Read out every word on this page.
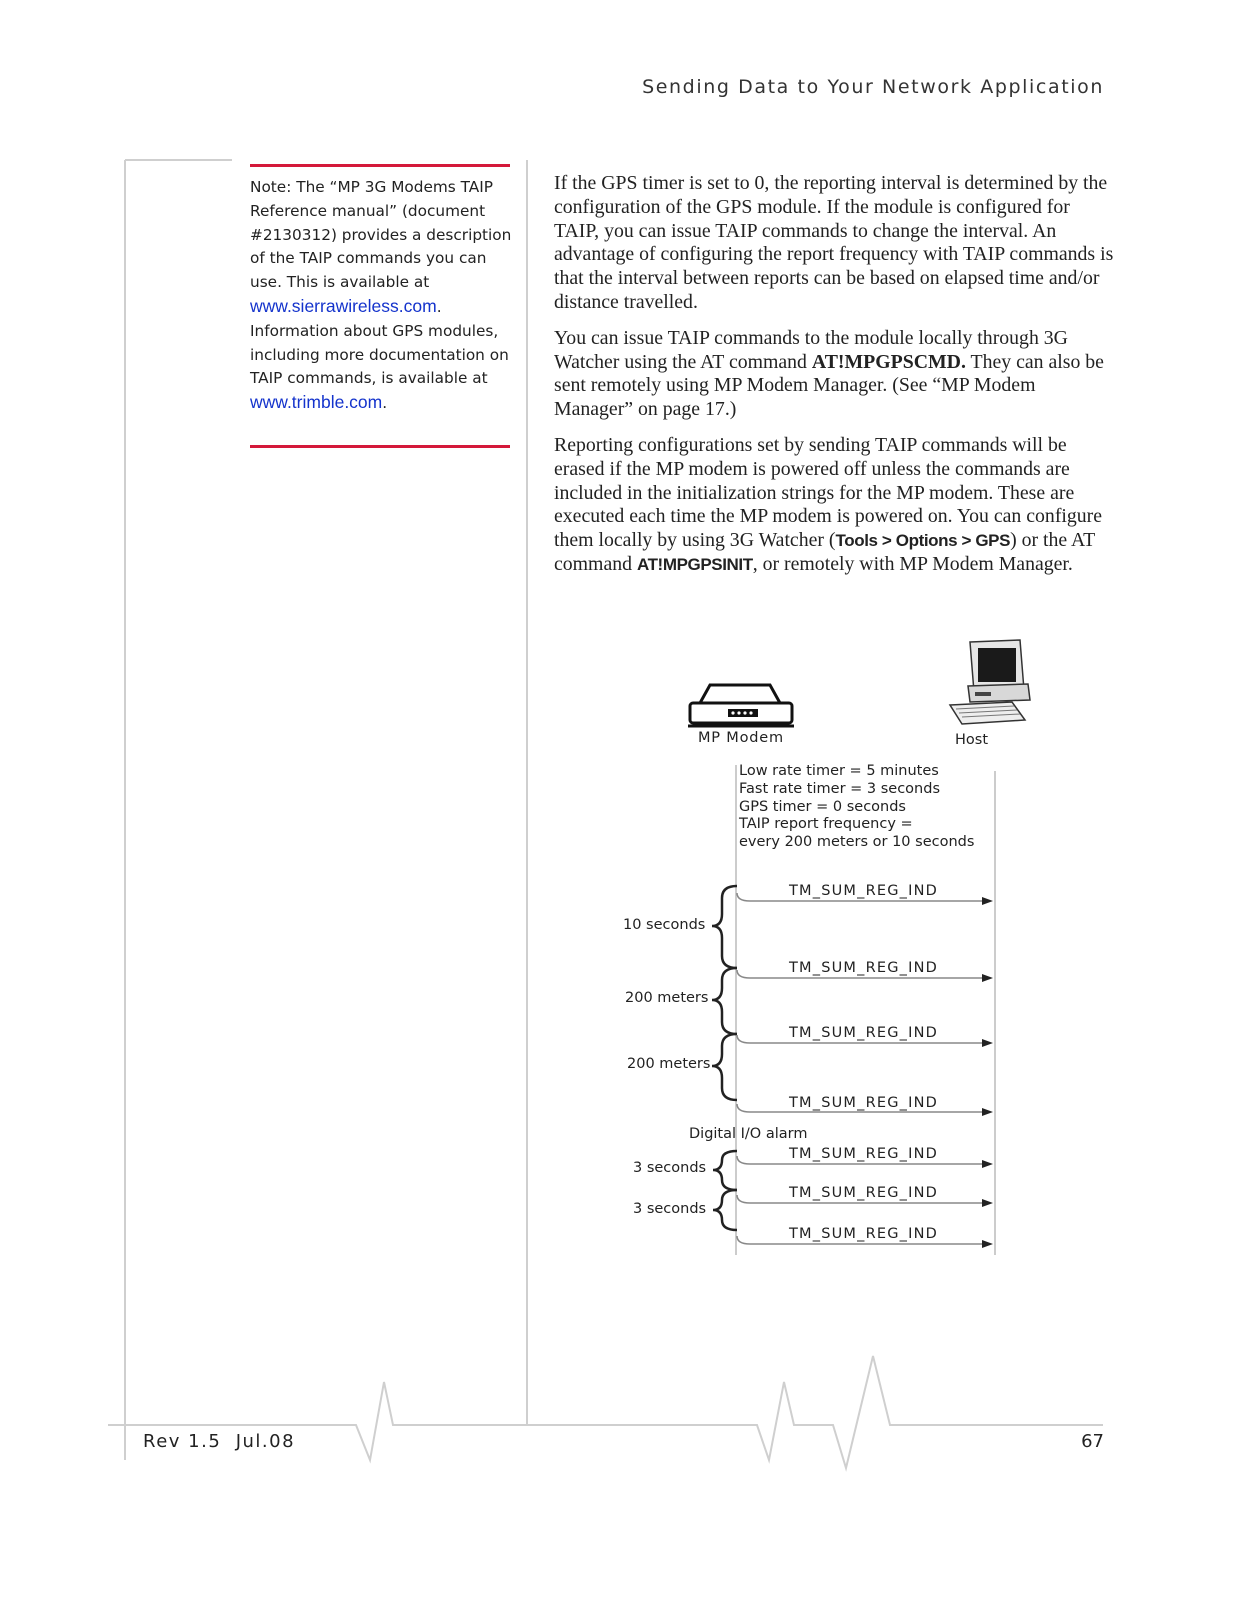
Sending Data to Your Network Application
Note: The “MP 3G Modems TAIP Reference manual” (document #2130312) provides a description of the TAIP commands you can use. This is available at www.sierrawireless.com. Information about GPS modules, including more documentation on TAIP commands, is available at www.trimble.com.

If the GPS timer is set to 0, the reporting interval is determined by the configuration of the GPS module. If the module is configured for TAIP, you can issue TAIP commands to change the interval. An advantage of configuring the report frequency with TAIP commands is that the interval between reports can be based on elapsed time and/or distance travelled.

You can issue TAIP commands to the module locally through 3G Watcher using the AT command AT!MPGPSCMD. They can also be sent remotely using MP Modem Manager. (See “MP Modem Manager” on page 17.)

Reporting configurations set by sending TAIP commands will be erased if the MP modem is powered off unless the commands are included in the initialization strings for the MP modem. These are executed each time the MP modem is powered on. You can configure them locally by using 3G Watcher (Tools > Options > GPS) or the AT command AT!MPGPSINIT, or remotely with MP Modem Manager.

MP Modem	Host
Low rate timer = 5 minutes
Fast rate timer = 3 seconds
GPS timer = 0 seconds
TAIP report frequency =
every 200 meters or 10 seconds
TM_SUM_REG_IND
TM_SUM_REG_IND
TM_SUM_REG_IND
TM_SUM_REG_IND
TM_SUM_REG_IND
TM_SUM_REG_IND
TM_SUM_REG_IND
10 seconds
200 meters
200 meters
Digital I/O alarm
3 seconds
3 seconds
Rev 1.5  Jul.08	67
